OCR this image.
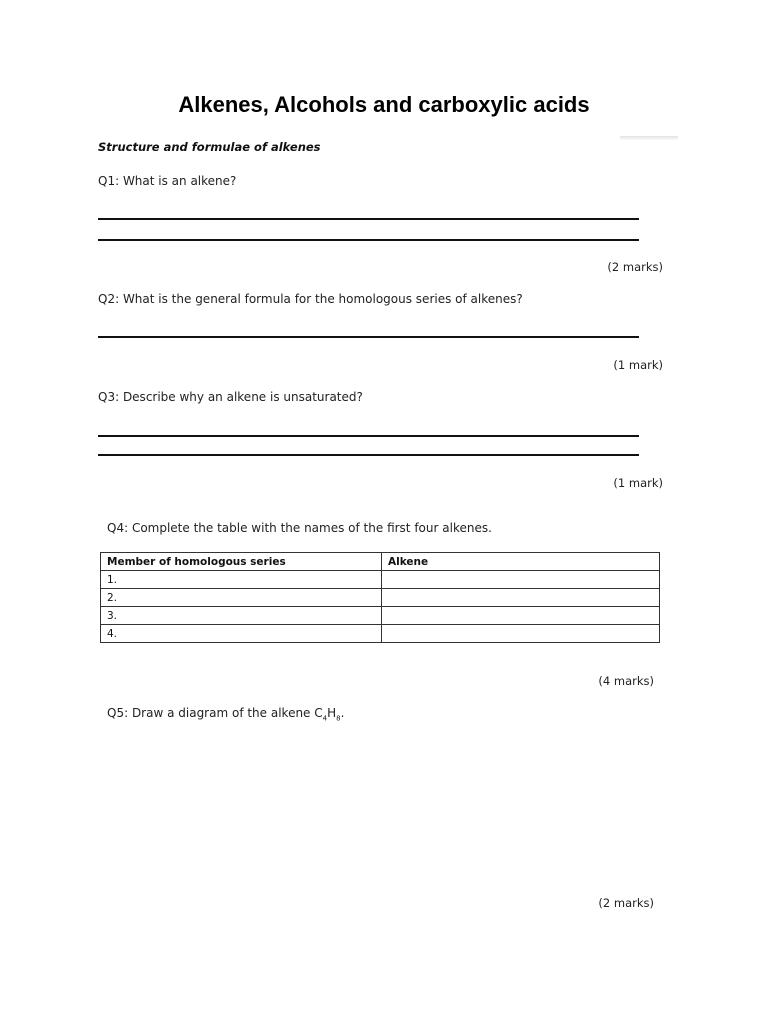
Alkenes, Alcohols and carboxylic acids
Structure and formulae of alkenes
Q1: What is an alkene?
(2 marks)
Q2: What is the general formula for the homologous series of alkenes?
(1 mark)
Q3: Describe why an alkene is unsaturated?
(1 mark)
Q4: Complete the table with the names of the first four alkenes.
Member of homologous series	Alkene
1.	
2.	
3.	
4.	
(4 marks)
Q5: Draw a diagram of the alkene $C_4H_8$.
(2 marks)
